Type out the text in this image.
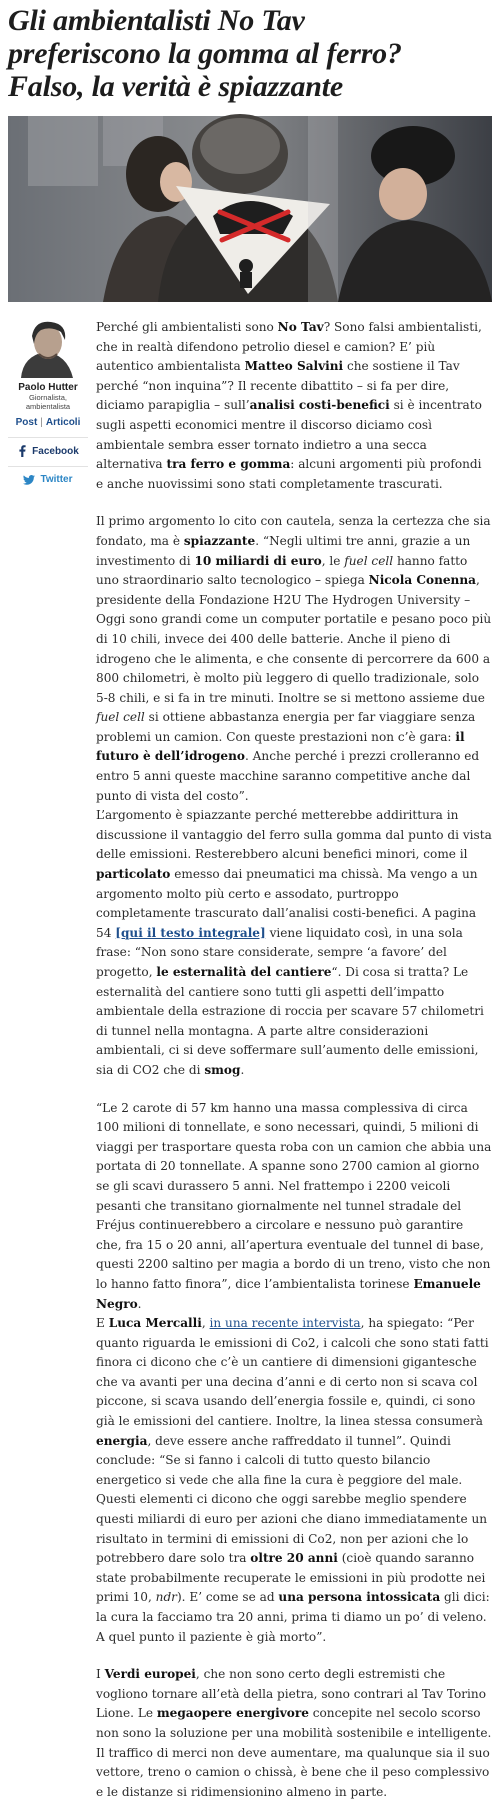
Gli ambientalisti No Tav
preferiscono la gomma al ferro?
Falso, la verità è spiazzante
Paolo Hutter
Giornalista,
ambientalista
Post | Articoli
Facebook
Twitter

Perché gli ambientalisti sono No Tav? Sono falsi ambientalisti, che in realtà difendono petrolio diesel e camion? E’ più autentico ambientalista Matteo Salvini che sostiene il Tav perché “non inquina”? Il recente dibattito – si fa per dire, diciamo parapiglia – sull’analisi costi-benefici si è incentrato sugli aspetti economici mentre il discorso diciamo così ambientale sembra esser tornato indietro a una secca alternativa tra ferro e gomma: alcuni argomenti più profondi e anche nuovissimi sono stati completamente trascurati.

Il primo argomento lo cito con cautela, senza la certezza che sia fondato, ma è spiazzante. “Negli ultimi tre anni, grazie a un investimento di 10 miliardi di euro, le fuel cell hanno fatto uno straordinario salto tecnologico – spiega Nicola Conenna, presidente della Fondazione H2U The Hydrogen University – Oggi sono grandi come un computer portatile e pesano poco più di 10 chili, invece dei 400 delle batterie. Anche il pieno di idrogeno che le alimenta, e che consente di percorrere da 600 a 800 chilometri, è molto più leggero di quello tradizionale, solo 5-8 chili, e si fa in tre minuti. Inoltre se si mettono assieme due fuel cell si ottiene abbastanza energia per far viaggiare senza problemi un camion. Con queste prestazioni non c’è gara: il futuro è dell’idrogeno. Anche perché i prezzi crolleranno ed entro 5 anni queste macchine saranno competitive anche dal punto di vista del costo”.

L’argomento è spiazzante perché metterebbe addirittura in discussione il vantaggio del ferro sulla gomma dal punto di vista delle emissioni. Resterebbero alcuni benefici minori, come il particolato emesso dai pneumatici ma chissà. Ma vengo a un argomento molto più certo e assodato, purtroppo completamente trascurato dall’analisi costi-benefici. A pagina 54 [qui il testo integrale] viene liquidato così, in una sola frase: “Non sono stare considerate, sempre ‘a favore’ del progetto, le esternalità del cantiere“. Di cosa si tratta? Le esternalità del cantiere sono tutti gli aspetti dell’impatto ambientale della estrazione di roccia per scavare 57 chilometri di tunnel nella montagna. A parte altre considerazioni ambientali, ci si deve soffermare sull’aumento delle emissioni, sia di CO2 che di smog.

“Le 2 carote di 57 km hanno una massa complessiva di circa 100 milioni di tonnellate, e sono necessari, quindi, 5 milioni di viaggi per trasportare questa roba con un camion che abbia una portata di 20 tonnellate. A spanne sono 2700 camion al giorno se gli scavi durassero 5 anni. Nel frattempo i 2200 veicoli pesanti che transitano giornalmente nel tunnel stradale del Fréjus continuerebbero a circolare e nessuno può garantire che, fra 15 o 20 anni, all’apertura eventuale del tunnel di base, questi 2200 saltino per magia a bordo di un treno, visto che non lo hanno fatto finora”, dice l’ambientalista torinese Emanuele Negro.

E Luca Mercalli, in una recente intervista, ha spiegato: “Per quanto riguarda le emissioni di Co2, i calcoli che sono stati fatti finora ci dicono che c’è un cantiere di dimensioni gigantesche che va avanti per una decina d’anni e di certo non si scava col piccone, si scava usando dell’energia fossile e, quindi, ci sono già le emissioni del cantiere. Inoltre, la linea stessa consumerà energia, deve essere anche raffreddato il tunnel”. Quindi conclude: “Se si fanno i calcoli di tutto questo bilancio energetico si vede che alla fine la cura è peggiore del male. Questi elementi ci dicono che oggi sarebbe meglio spendere questi miliardi di euro per azioni che diano immediatamente un risultato in termini di emissioni di Co2, non per azioni che lo potrebbero dare solo tra oltre 20 anni (cioè quando saranno state probabilmente recuperate le emissioni in più prodotte nei primi 10, ndr). E’ come se ad una persona intossicata gli dici: la cura la facciamo tra 20 anni, prima ti diamo un po’ di veleno. A quel punto il paziente è già morto”.

I Verdi europei, che non sono certo degli estremisti che vogliono tornare all’età della pietra, sono contrari al Tav Torino Lione. Le megaopere energivore concepite nel secolo scorso non sono la soluzione per una mobilità sostenibile e intelligente. Il traffico di merci non deve aumentare, ma qualunque sia il suo vettore, treno o camion o chissà, è bene che il peso complessivo e le distanze si ridimensionino almeno in parte.
